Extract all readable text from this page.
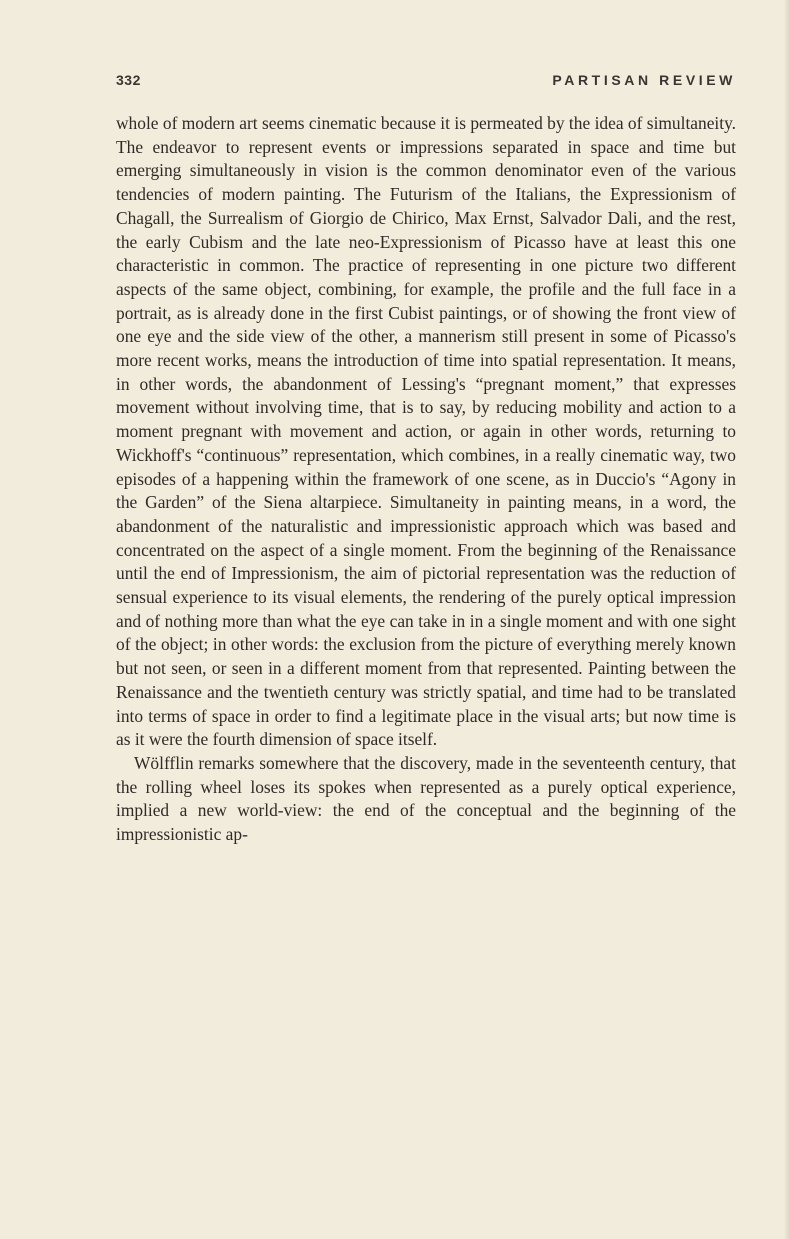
332	PARTISAN REVIEW

whole of modern art seems cinematic because it is permeated by the idea of simultaneity. The endeavor to represent events or impressions separated in space and time but emerging simultaneously in vision is the common denominator even of the various tendencies of modern painting. The Futurism of the Italians, the Expressionism of Chagall, the Surrealism of Giorgio de Chirico, Max Ernst, Salvador Dali, and the rest, the early Cubism and the late neo-Expressionism of Picasso have at least this one characteristic in common. The practice of representing in one picture two different aspects of the same object, combining, for example, the profile and the full face in a portrait, as is already done in the first Cubist paintings, or of showing the front view of one eye and the side view of the other, a mannerism still present in some of Picasso's more recent works, means the introduction of time into spatial representation. It means, in other words, the abandonment of Lessing's “pregnant moment,” that expresses movement without involving time, that is to say, by reducing mobility and action to a moment pregnant with movement and action, or again in other words, returning to Wickhoff's “continuous” representation, which combines, in a really cinematic way, two episodes of a happening within the framework of one scene, as in Duccio's “Agony in the Garden” of the Siena altarpiece. Simultaneity in painting means, in a word, the abandonment of the naturalistic and impressionistic approach which was based and concentrated on the aspect of a single moment. From the beginning of the Renaissance until the end of Impressionism, the aim of pictorial representation was the reduction of sensual experience to its visual elements, the rendering of the purely optical impression and of nothing more than what the eye can take in in a single moment and with one sight of the object; in other words: the exclusion from the picture of everything merely known but not seen, or seen in a different moment from that represented. Painting between the Renaissance and the twentieth century was strictly spatial, and time had to be translated into terms of space in order to find a legitimate place in the visual arts; but now time is as it were the fourth dimension of space itself.

Wölfflin remarks somewhere that the discovery, made in the seventeenth century, that the rolling wheel loses its spokes when represented as a purely optical experience, implied a new world-view: the end of the conceptual and the beginning of the impressionistic ap-
